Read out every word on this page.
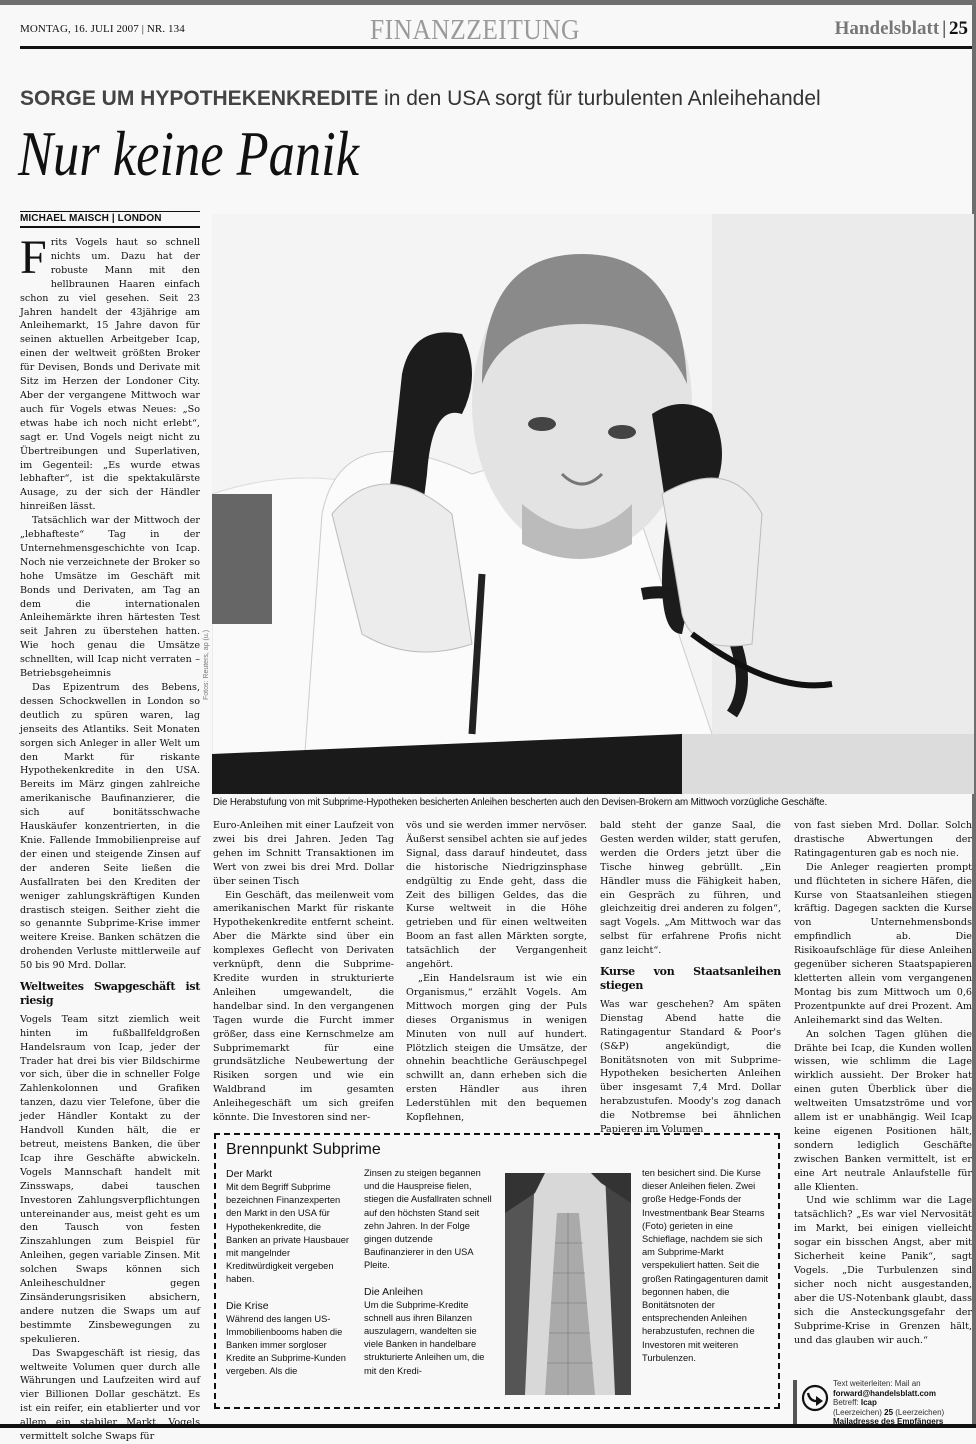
MONTAG, 16. JULI 2007 | NR. 134	FINANZZEITUNG	Handelsblatt | 25
SORGE UM HYPOTHEKENKREDITE in den USA sorgt für turbulenten Anleihehandel
Nur keine Panik
MICHAEL MAISCH | LONDON

Frits Vogels haut so schnell nichts um. Dazu hat der robuste Mann mit den hellbraunen Haaren einfach schon zu viel gesehen. Seit 23 Jahren handelt der 43jährige am Anleihemarkt, 15 Jahre davon für seinen aktuellen Arbeitgeber Icap, einen der weltweit größten Broker für Devisen, Bonds und Derivate mit Sitz im Herzen der Londoner City. Aber der vergangene Mittwoch war auch für Vogels etwas Neues: „So etwas habe ich noch nicht erlebt“, sagt er. Und Vogels neigt nicht zu Übertreibungen und Superlativen, im Gegenteil: „Es wurde etwas lebhafter“, ist die spektakulärste Ausage, zu der sich der Händler hinreißen lässt.

Tatsächlich war der Mittwoch der „lebhafteste“ Tag in der Unternehmensgeschichte von Icap. Noch nie verzeichnete der Broker so hohe Umsätze im Geschäft mit Bonds und Derivaten, am Tag an dem die internationalen Anleihemärkte ihren härtesten Test seit Jahren zu überstehen hatten. Wie hoch genau die Umsätze schnellten, will Icap nicht verraten – Betriebsgeheimnis

Das Epizentrum des Bebens, dessen Schockwellen in London so deutlich zu spüren waren, lag jenseits des Atlantiks. Seit Monaten sorgen sich Anleger in aller Welt um den Markt für riskante Hypothekenkredite in den USA. Bereits im März gingen zahlreiche amerikanische Baufinanzierer, die sich auf bonitätsschwache Hauskäufer konzentrierten, in die Knie. Fallende Immobilienpreise auf der einen und steigende Zinsen auf der anderen Seite ließen die Ausfallraten bei den Krediten der weniger zahlungskräftigen Kunden drastisch steigen. Seither zieht die so genannte Subprime-Krise immer weitere Kreise. Banken schätzen die drohenden Verluste mittlerweile auf 50 bis 90 Mrd. Dollar.

Weltweites Swapgeschäft ist riesig

Vogels Team sitzt ziemlich weit hinten im fußballfeldgroßen Handelsraum von Icap, jeder der Trader hat drei bis vier Bildschirme vor sich, über die in schneller Folge Zahlenkolonnen und Grafiken tanzen, dazu vier Telefone, über die jeder Händler Kontakt zu der Handvoll Kunden hält, die er betreut, meistens Banken, die über Icap ihre Geschäfte abwickeln. Vogels Mannschaft handelt mit Zinsswaps, dabei tauschen Investoren Zahlungsverpflichtungen untereinander aus, meist geht es um den Tausch von festen Zinszahlungen zum Beispiel für Anleihen, gegen variable Zinsen. Mit solchen Swaps können sich Anleiheschuldner gegen Zinsänderungsrisiken absichern, andere nutzen die Swaps um auf bestimmte Zinsbewegungen zu spekulieren.

Das Swapgeschäft ist riesig, das weltweite Volumen quer durch alle Währungen und Laufzeiten wird auf vier Billionen Dollar geschätzt. Es ist ein reifer, ein etablierter und vor allem ein stabiler Markt. Vogels vermittelt solche Swaps für

Fotos: Reuters, ap (u.)
Die Herabstufung von mit Subprime-Hypotheken besicherten Anleihen bescherten auch den Devisen-Brokern am Mittwoch vorzügliche Geschäfte.

Euro-Anleihen mit einer Laufzeit von zwei bis drei Jahren. Jeden Tag gehen im Schnitt Transaktionen im Wert von zwei bis drei Mrd. Dollar über seinen Tisch

Ein Geschäft, das meilenweit vom amerikanischen Markt für riskante Hypothekenkredite entfernt scheint. Aber die Märkte sind über ein komplexes Geflecht von Derivaten verknüpft, denn die Subprime-Kredite wurden in strukturierte Anleihen umgewandelt, die handelbar sind. In den vergangenen Tagen wurde die Furcht immer größer, dass eine Kernschmelze am Subprimemarkt für eine grundsätzliche Neubewertung der Risiken sorgen und wie ein Waldbrand im gesamten Anleihegeschäft um sich greifen könnte. Die Investoren sind ner-

vös und sie werden immer nervöser. Äußerst sensibel achten sie auf jedes Signal, dass darauf hindeutet, dass die historische Niedrigzinsphase endgültig zu Ende geht, dass die Zeit des billigen Geldes, das die Kurse weltweit in die Höhe getrieben und für einen weltweiten Boom an fast allen Märkten sorgte, tatsächlich der Vergangenheit angehört.

„Ein Handelsraum ist wie ein Organismus,“ erzählt Vogels. Am Mittwoch morgen ging der Puls dieses Organismus in wenigen Minuten von null auf hundert. Plötzlich steigen die Umsätze, der ohnehin beachtliche Geräuschpegel schwillt an, dann erheben sich die ersten Händler aus ihren Lederstühlen mit den bequemen Kopflehnen,

bald steht der ganze Saal, die Gesten werden wilder, statt gerufen, werden die Orders jetzt über die Tische hinweg gebrüllt. „Ein Händler muss die Fähigkeit haben, ein Gespräch zu führen, und gleichzeitig drei anderen zu folgen“, sagt Vogels. „Am Mittwoch war das selbst für erfahrene Profis nicht ganz leicht“.

Kurse von Staatsanleihen stiegen

Was war geschehen? Am späten Dienstag Abend hatte die Ratingagentur Standard & Poor's (S&P) angekündigt, die Bonitätsnoten von mit Subprime-Hypotheken besicherten Anleihen über insgesamt 7,4 Mrd. Dollar herabzustufen. Moody's zog danach die Notbremse bei ähnlichen Papieren im Volumen

von fast sieben Mrd. Dollar. Solch drastische Abwertungen der Ratingagenturen gab es noch nie.

Die Anleger reagierten prompt und flüchteten in sichere Häfen, die Kurse von Staatsanleihen stiegen kräftig. Dagegen sackten die Kurse von Unternehmensbonds empfindlich ab. Die Risikoaufschläge für diese Anleihen gegenüber sicheren Staatspapieren kletterten allein vom vergangenen Montag bis zum Mittwoch um 0,6 Prozentpunkte auf drei Prozent. Am Anleihemarkt sind das Welten.

An solchen Tagen glühen die Drähte bei Icap, die Kunden wollen wissen, wie schlimm die Lage wirklich aussieht. Der Broker hat einen guten Überblick über die weltweiten Umsatzströme und vor allem ist er unabhängig. Weil Icap keine eigenen Positionen hält, sondern lediglich Geschäfte zwischen Banken vermittelt, ist er eine Art neutrale Anlaufstelle für alle Klienten.

Und wie schlimm war die Lage tatsächlich? „Es war viel Nervosität im Markt, bei einigen vielleicht sogar ein bisschen Angst, aber mit Sicherheit keine Panik“, sagt Vogels. „Die Turbulenzen sind sicher noch nicht ausgestanden, aber die US-Notenbank glaubt, dass sich die Ansteckungsgefahr der Subprime-Krise in Grenzen hält, und das glauben wir auch.“

Brennpunkt Subprime
Der Markt

Mit dem Begriff Subprime bezeichnen Finanzexperten den Markt in den USA für Hypothekenkredite, die Banken an private Hausbauer mit mangelnder Kreditwürdigkeit vergeben haben.

Die Krise

Während des langen US-Immobilienbooms haben die Banken immer sorgloser Kredite an Subprime-Kunden vergeben. Als die

Zinsen zu steigen begannen und die Hauspreise fielen, stiegen die Ausfallraten schnell auf den höchsten Stand seit zehn Jahren. In der Folge gingen dutzende Baufinanzierer in den USA Pleite.

Die Anleihen

Um die Subprime-Kredite schnell aus ihren Bilanzen auszulagern, wandelten sie viele Banken in handelbare strukturierte Anleihen um, die mit den Kredi-

ten besichert sind. Die Kurse dieser Anleihen fielen. Zwei große Hedge-Fonds der Investmentbank Bear Stearns (Foto) gerieten in eine Schieflage, nachdem sie sich am Subprime-Markt verspekuliert hatten. Seit die großen Ratingagenturen damit begonnen haben, die Bonitätsnoten der entsprechenden Anleihen herabzustufen, rechnen die Investoren mit weiteren Turbulenzen.

Text weiterleiten: Mail an
forward@handelsblatt.com
Betreff: Icap
(Leerzeichen) 25 (Leerzeichen)
Mailadresse des Empfängers
